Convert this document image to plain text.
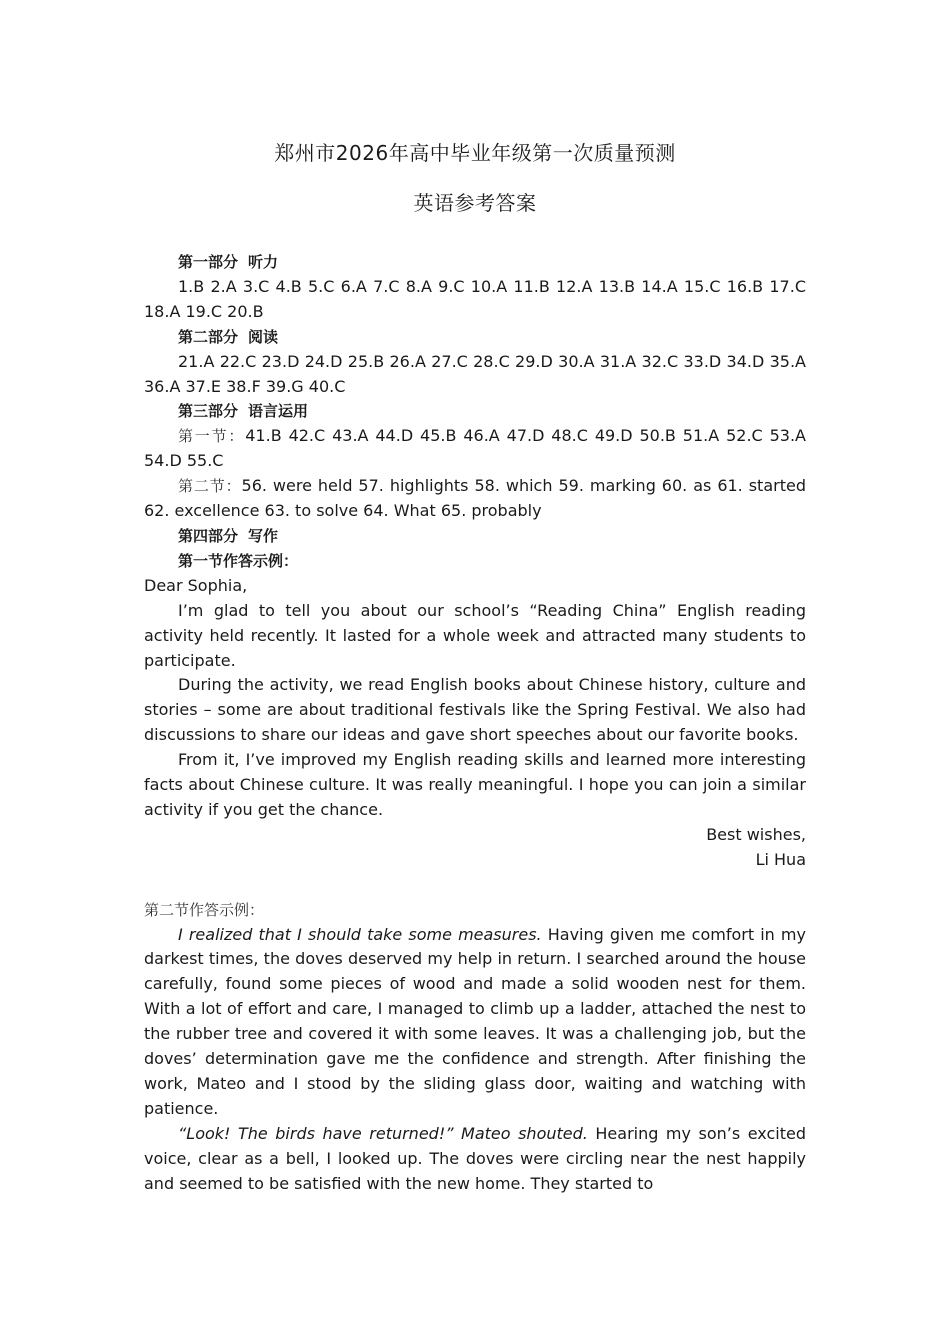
郑州市2026年高中毕业年级第一次质量预测
英语参考答案

第一部分 听力

1.B 2.A 3.C 4.B 5.C 6.A 7.C 8.A 9.C 10.A 11.B 12.A 13.B 14.A 15.C 16.B 17.C 18.A 19.C 20.B

第二部分 阅读

21.A 22.C 23.D 24.D 25.B 26.A 27.C 28.C 29.D 30.A 31.A 32.C 33.D 34.D 35.A 36.A 37.E 38.F 39.G 40.C

第三部分 语言运用

第一节：41.B 42.C 43.A 44.D 45.B 46.A 47.D 48.C 49.D 50.B 51.A 52.C 53.A 54.D 55.C

第二节：56. were held 57. highlights 58. which 59. marking 60. as 61. started 62. excellence 63. to solve 64. What 65. probably

第四部分 写作

第一节作答示例：

Dear Sophia,

I’m glad to tell you about our school’s “Reading China” English reading activity held recently. It lasted for a whole week and attracted many students to participate.

During the activity, we read English books about Chinese history, culture and stories – some are about traditional festivals like the Spring Festival. We also had discussions to share our ideas and gave short speeches about our favorite books.

From it, I’ve improved my English reading skills and learned more interesting facts about Chinese culture. It was really meaningful. I hope you can join a similar activity if you get the chance.

Best wishes,

Li Hua

第二节作答示例：

I realized that I should take some measures. Having given me comfort in my darkest times, the doves deserved my help in return. I searched around the house carefully, found some pieces of wood and made a solid wooden nest for them. With a lot of effort and care, I managed to climb up a ladder, attached the nest to the rubber tree and covered it with some leaves. It was a challenging job, but the doves’ determination gave me the confidence and strength. After finishing the work, Mateo and I stood by the sliding glass door, waiting and watching with patience.

“Look! The birds have returned!” Mateo shouted. Hearing my son’s excited voice, clear as a bell, I looked up. The doves were circling near the nest happily and seemed to be satisfied with the new home. They started to
